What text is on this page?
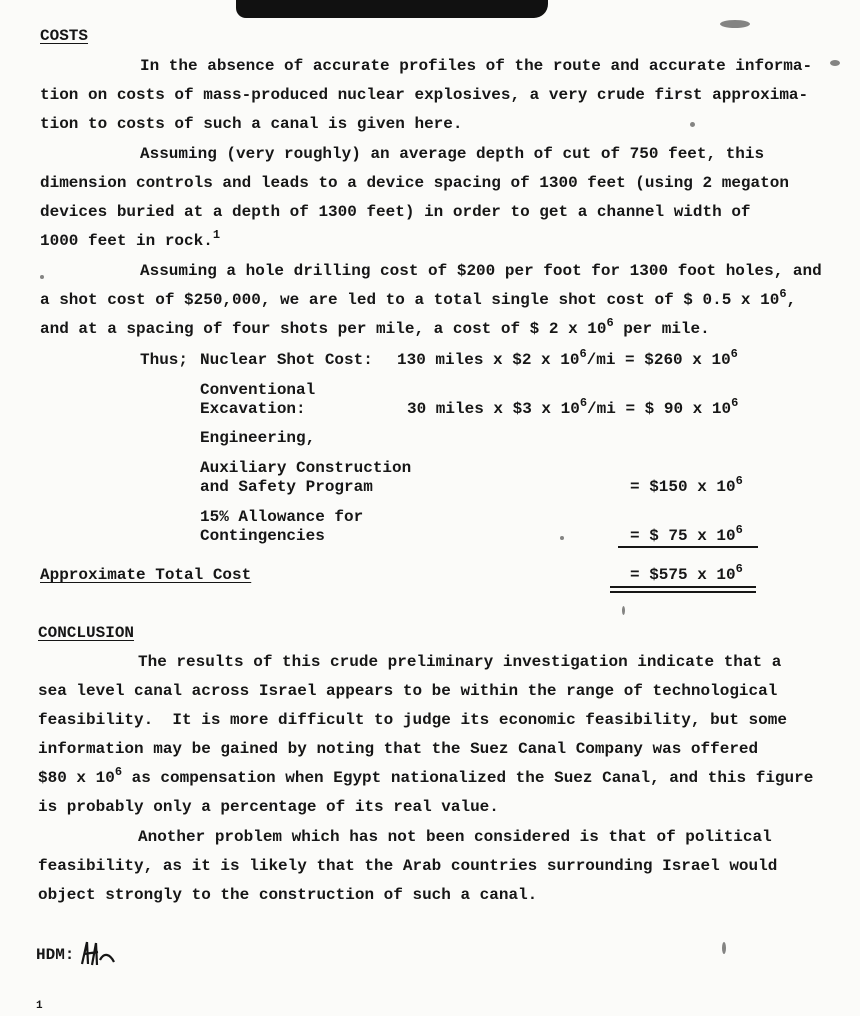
COSTS
In the absence of accurate profiles of the route and accurate informa-
tion on costs of mass-produced nuclear explosives, a very crude first approxima-
tion to costs of such a canal is given here.
Assuming (very roughly) an average depth of cut of 750 feet, this
dimension controls and leads to a device spacing of 1300 feet (using 2 megaton
devices buried at a depth of 1300 feet) in order to get a channel width of
1000 feet in rock.$^1$
Assuming a hole drilling cost of $200 per foot for 1300 foot holes, and
a shot cost of $250,000, we are led to a total single shot cost of $ 0.5 x $10^6$,
and at a spacing of four shots per mile, a cost of $ 2 x $10^6$ per mile.
Thus; Nuclear Shot Cost: 130 miles x $2 x $10^6/mi$ = $260 x $10^6$
Conventional
Excavation:	30 miles x $3 x $10^6/mi$ = $ 90 x $10^6$
Engineering,
Auxiliary Construction
and Safety Program	= $150 x $10^6$
15% Allowance for
Contingencies	= $ 75 x $10^6$
Approximate Total Cost	= $575 x $10^6$
CONCLUSION
The results of this crude preliminary investigation indicate that a
sea level canal across Israel appears to be within the range of technological
feasibility.  It is more difficult to judge its economic feasibility, but some
information may be gained by noting that the Suez Canal Company was offered
$80 x $10^6$ as compensation when Egypt nationalized the Suez Canal, and this figure
is probably only a percentage of its real value.
Another problem which has not been considered is that of political
feasibility, as it is likely that the Arab countries surrounding Israel would
object strongly to the construction of such a canal.
HDM:
1
